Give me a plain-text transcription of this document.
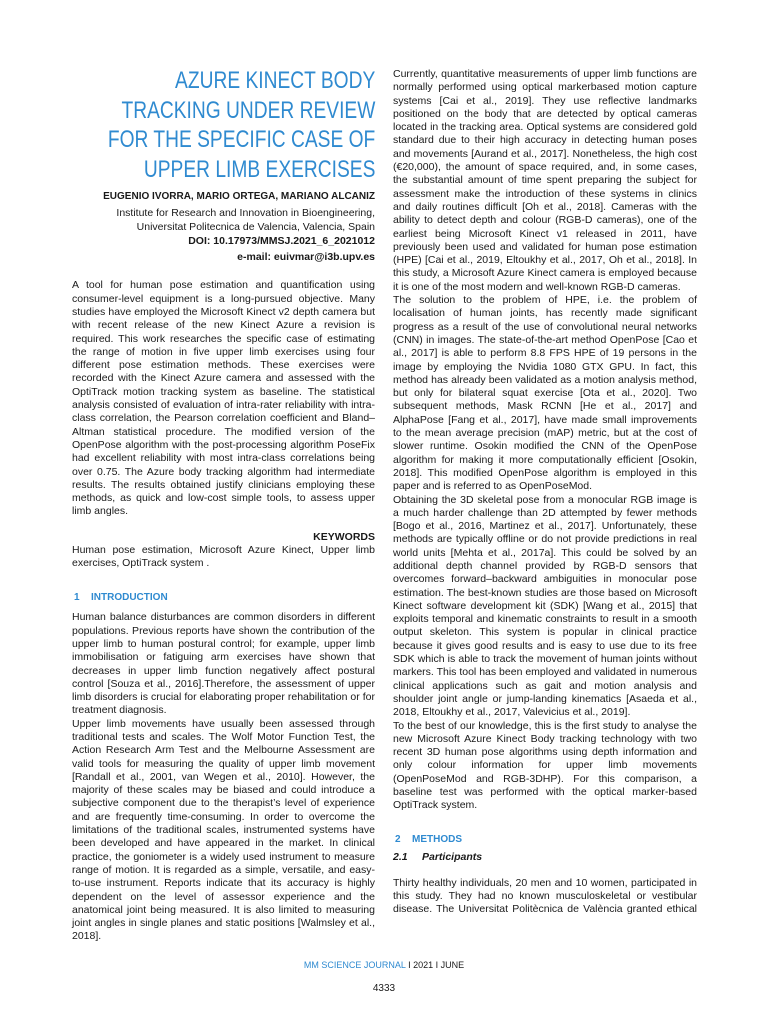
AZURE KINECT BODY
TRACKING UNDER REVIEW
FOR THE SPECIFIC CASE OF
UPPER LIMB EXERCISES
EUGENIO IVORRA, MARIO ORTEGA, MARIANO ALCANIZ
Institute for Research and Innovation in Bioengineering,
Universitat Politecnica de Valencia, Valencia, Spain
DOI: 10.17973/MMSJ.2021_6_2021012
e-mail: euivmar@i3b.upv.es

A tool for human pose estimation and quantification using consumer-level equipment is a long-pursued objective. Many studies have employed the Microsoft Kinect v2 depth camera but with recent release of the new Kinect Azure a revision is required. This work researches the specific case of estimating the range of motion in five upper limb exercises using four different pose estimation methods. These exercises were recorded with the Kinect Azure camera and assessed with the OptiTrack motion tracking system as baseline. The statistical analysis consisted of evaluation of intra-rater reliability with intra-class correlation, the Pearson correlation coefficient and Bland–Altman statistical procedure. The modified version of the OpenPose algorithm with the post-processing algorithm PoseFix had excellent reliability with most intra-class correlations being over 0.75. The Azure body tracking algorithm had intermediate results. The results obtained justify clinicians employing these methods, as quick and low-cost simple tools, to assess upper limb angles.

KEYWORDS

Human pose estimation, Microsoft Azure Kinect, Upper limb exercises, OptiTrack system .

1 INTRODUCTION

Human balance disturbances are common disorders in different populations. Previous reports have shown the contribution of the upper limb to human postural control; for example, upper limb immobilisation or fatiguing arm exercises have shown that decreases in upper limb function negatively affect postural control [Souza et al., 2016].Therefore, the assessment of upper limb disorders is crucial for elaborating proper rehabilitation or for treatment diagnosis.

Upper limb movements have usually been assessed through traditional tests and scales. The Wolf Motor Function Test, the Action Research Arm Test and the Melbourne Assessment are valid tools for measuring the quality of upper limb movement [Randall et al., 2001, van Wegen et al., 2010]. However, the majority of these scales may be biased and could introduce a subjective component due to the therapist’s level of experience and are frequently time-consuming. In order to overcome the limitations of the traditional scales, instrumented systems have been developed and have appeared in the market. In clinical practice, the goniometer is a widely used instrument to measure range of motion. It is regarded as a simple, versatile, and easy-to-use instrument. Reports indicate that its accuracy is highly dependent on the level of assessor experience and the anatomical joint being measured. It is also limited to measuring joint angles in single planes and static positions [Walmsley et al., 2018].

Currently, quantitative measurements of upper limb functions are normally performed using optical markerbased motion capture systems [Cai et al., 2019]. They use reflective landmarks positioned on the body that are detected by optical cameras located in the tracking area. Optical systems are considered gold standard due to their high accuracy in detecting human poses and movements [Aurand et al., 2017]. Nonetheless, the high cost (€20,000), the amount of space required, and, in some cases, the substantial amount of time spent preparing the subject for assessment make the introduction of these systems in clinics and daily routines difficult [Oh et al., 2018]. Cameras with the ability to detect depth and colour (RGB-D cameras), one of the earliest being Microsoft Kinect v1 released in 2011, have previously been used and validated for human pose estimation (HPE) [Cai et al., 2019, Eltoukhy et al., 2017, Oh et al., 2018]. In this study, a Microsoft Azure Kinect camera is employed because it is one of the most modern and well-known RGB-D cameras.

The solution to the problem of HPE, i.e. the problem of localisation of human joints, has recently made significant progress as a result of the use of convolutional neural networks (CNN) in images. The state-of-the-art method OpenPose [Cao et al., 2017] is able to perform 8.8 FPS HPE of 19 persons in the image by employing the Nvidia 1080 GTX GPU. In fact, this method has already been validated as a motion analysis method, but only for bilateral squat exercise [Ota et al., 2020]. Two subsequent methods, Mask RCNN [He et al., 2017] and AlphaPose [Fang et al., 2017], have made small improvements to the mean average precision (mAP) metric, but at the cost of slower runtime. Osokin modified the CNN of the OpenPose algorithm for making it more computationally efficient [Osokin, 2018]. This modified OpenPose algorithm is employed in this paper and is referred to as OpenPoseMod.

Obtaining the 3D skeletal pose from a monocular RGB image is a much harder challenge than 2D attempted by fewer methods [Bogo et al., 2016, Martinez et al., 2017]. Unfortunately, these methods are typically offline or do not provide predictions in real world units [Mehta et al., 2017a]. This could be solved by an additional depth channel provided by RGB-D sensors that overcomes forward–backward ambiguities in monocular pose estimation. The best-known studies are those based on Microsoft Kinect software development kit (SDK) [Wang et al., 2015] that exploits temporal and kinematic constraints to result in a smooth output skeleton. This system is popular in clinical practice because it gives good results and is easy to use due to its free SDK which is able to track the movement of human joints without markers. This tool has been employed and validated in numerous clinical applications such as gait and motion analysis and shoulder joint angle or jump-landing kinematics [Asaeda et al., 2018, Eltoukhy et al., 2017, Valevicius et al., 2019].

To the best of our knowledge, this is the first study to analyse the new Microsoft Azure Kinect Body tracking technology with two recent 3D human pose algorithms using depth information and only colour information for upper limb movements (OpenPoseMod and RGB-3DHP). For this comparison, a baseline test was performed with the optical marker-based OptiTrack system.

2 METHODS
2.1 Participants

Thirty healthy individuals, 20 men and 10 women, participated in this study. They had no known musculoskeletal or vestibular disease. The Universitat Politècnica de València granted ethical

MM SCIENCE JOURNAL I 2021 I JUNE
4333
